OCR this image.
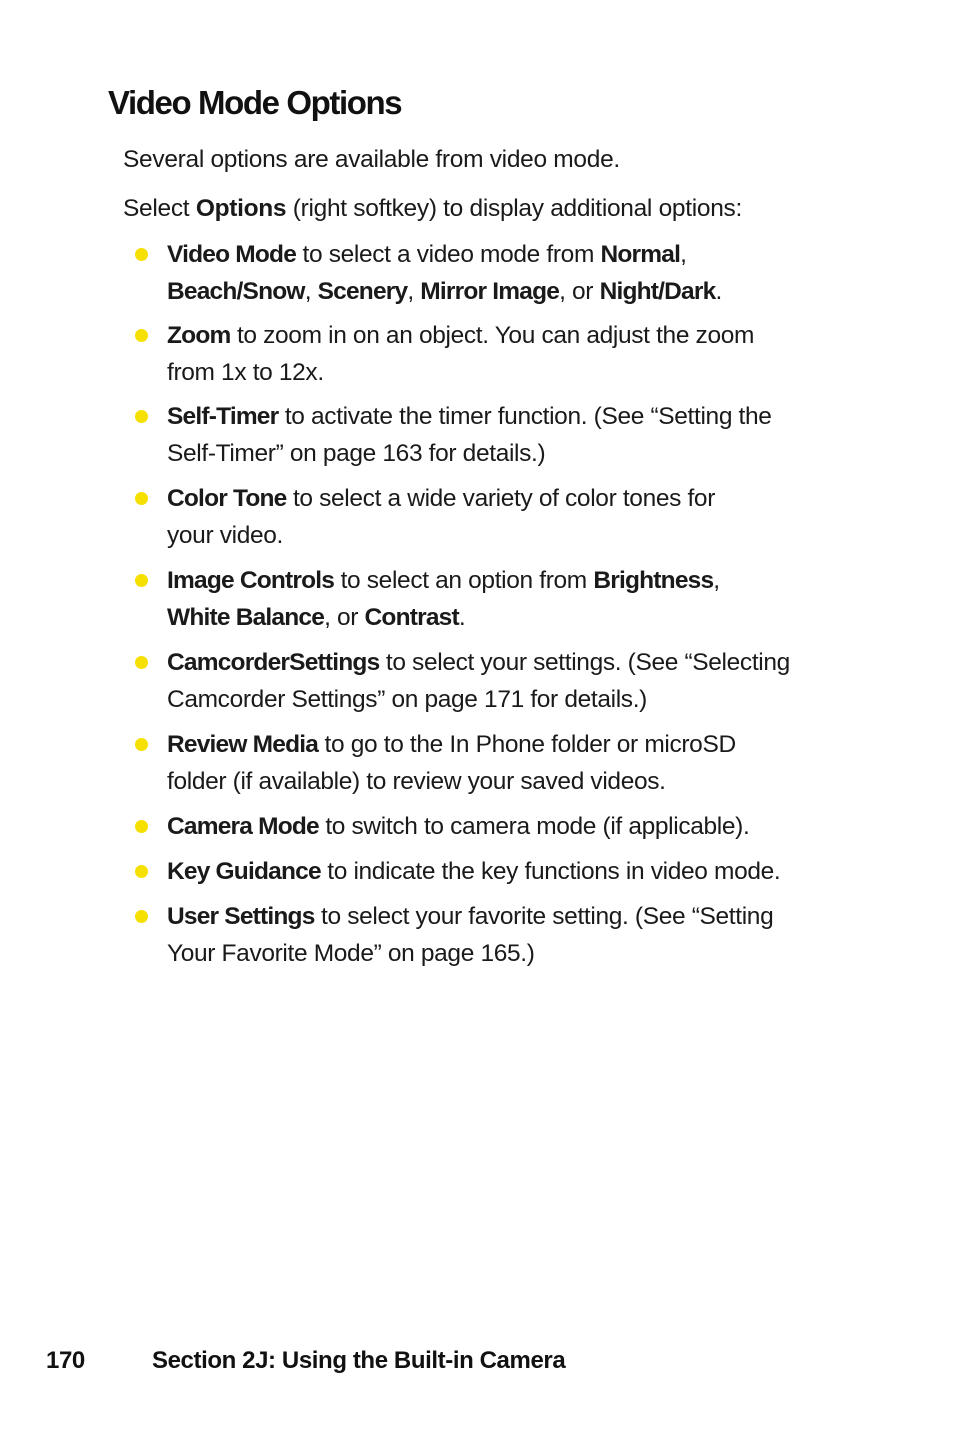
Video Mode Options

Several options are available from video mode.

Select Options (right softkey) to display additional options:

Video Mode to select a video mode from Normal,
Beach/Snow, Scenery, Mirror Image, or Night/Dark.
Zoom to zoom in on an object. You can adjust the zoom
from 1x to 12x.
Self-Timer to activate the timer function. (See “Setting the
Self-Timer” on page 163 for details.)
Color Tone to select a wide variety of color tones for
your video.
Image Controls to select an option from Brightness,
White Balance, or Contrast.
CamcorderSettings to select your settings. (See “Selecting
Camcorder Settings” on page 171 for details.)
Review Media to go to the In Phone folder or microSD
folder (if available) to review your saved videos.
Camera Mode to switch to camera mode (if applicable).
Key Guidance to indicate the key functions in video mode.
User Settings to select your favorite setting. (See “Setting
Your Favorite Mode” on page 165.)
170	Section 2J: Using the Built-in Camera
